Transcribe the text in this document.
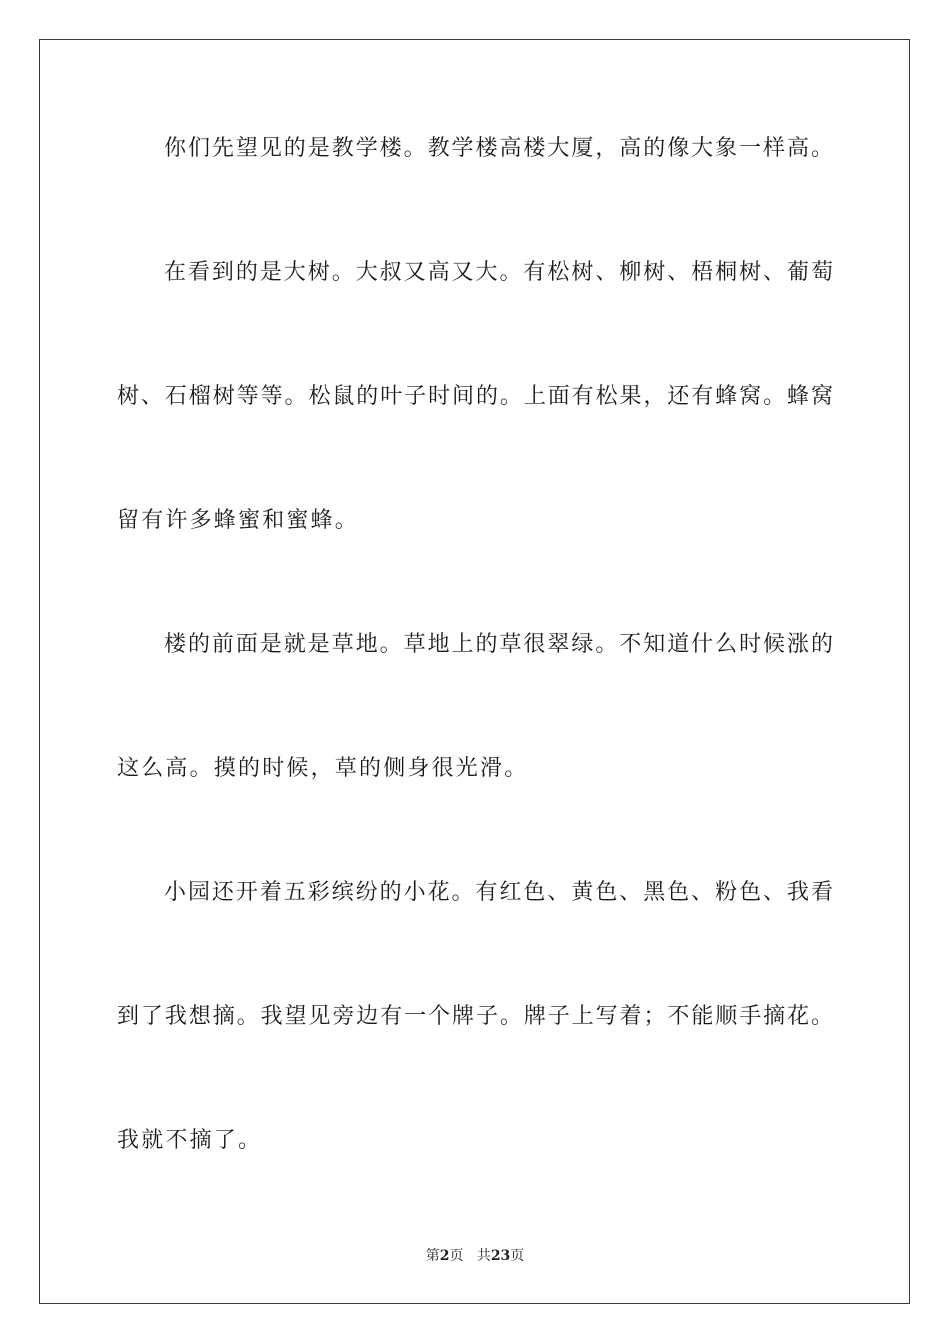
你们先望见的是教学楼。教学楼高楼大厦，高的像大象一样高。
在看到的是大树。大叔又高又大。有松树、柳树、梧桐树、葡萄
树、石榴树等等。松鼠的叶子时间的。上面有松果，还有蜂窝。蜂窝
留有许多蜂蜜和蜜蜂。
楼的前面是就是草地。草地上的草很翠绿。不知道什么时候涨的
这么高。摸的时候，草的侧身很光滑。
小园还开着五彩缤纷的小花。有红色、黄色、黑色、粉色、我看
到了我想摘。我望见旁边有一个牌子。牌子上写着；不能顺手摘花。
我就不摘了。
第2页 共23页
